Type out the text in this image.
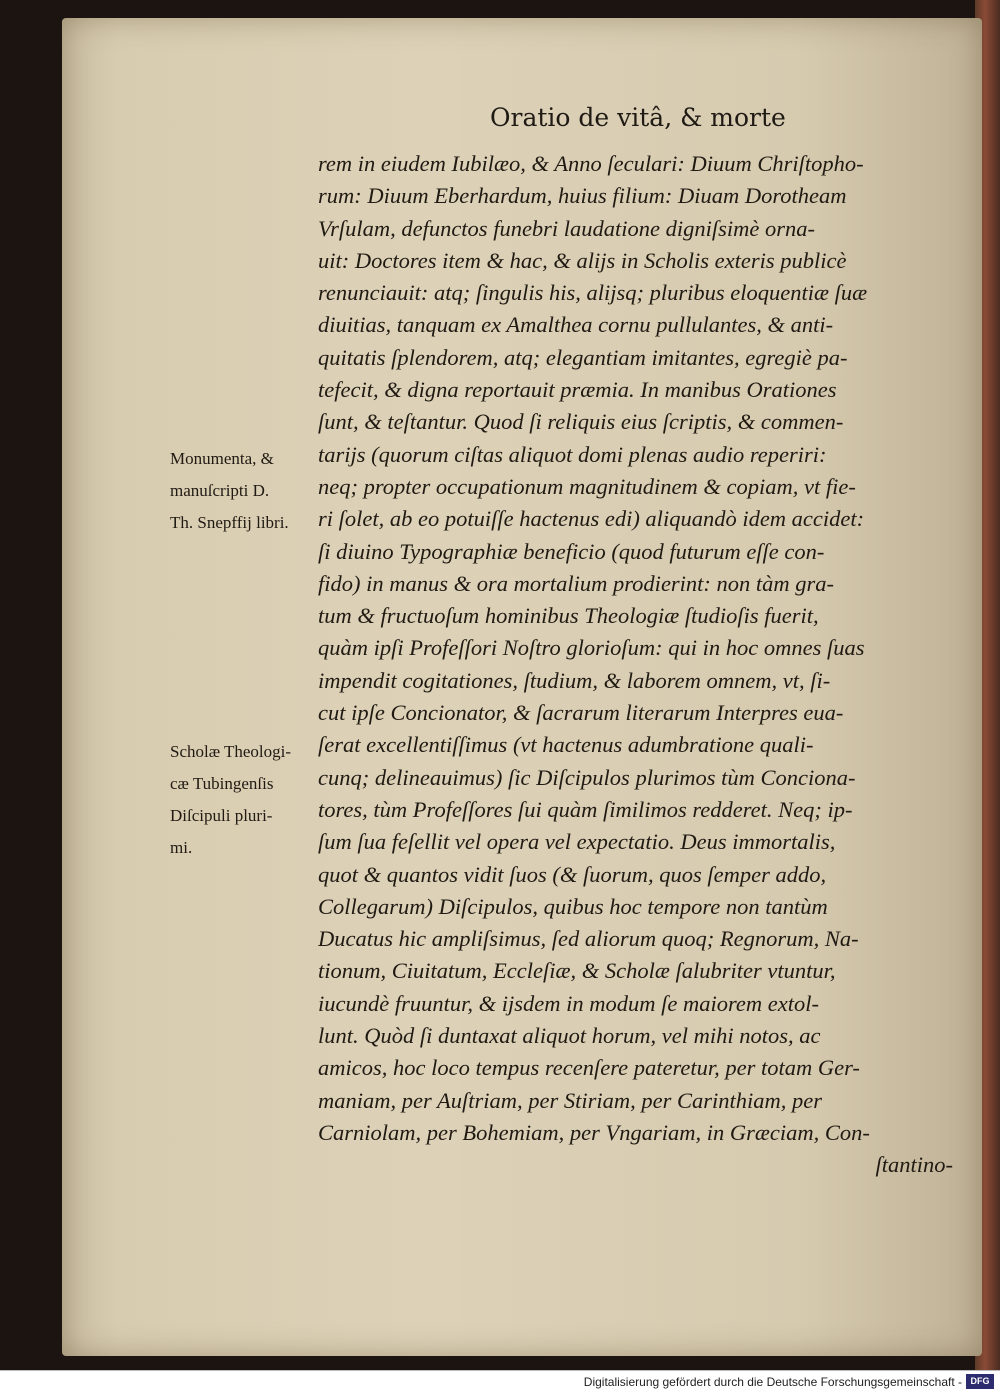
Oratio de vitâ, & morte
rem in eiudem Iubilæo, & Anno ſeculari: Diuum Chriſtopho-
rum: Diuum Eberhardum, huius filium: Diuam Dorotheam
Vrſulam, defunctos funebri laudatione digniſsimè orna-
uit: Doctores item & hac, & alijs in Scholis exteris publicè
renunciauit: atq; ſingulis his, alijsq; pluribus eloquentiæ ſuæ
diuitias, tanquam ex Amalthea cornu pullulantes, & anti-
quitatis ſplendorem, atq; elegantiam imitantes, egregiè pa-
tefecit, & digna reportauit præmia. In manibus Orationes
ſunt, & teſtantur. Quod ſi reliquis eius ſcriptis, & commen-
tarijs (quorum ciſtas aliquot domi plenas audio reperiri:
neq; propter occupationum magnitudinem & copiam, vt fie-
ri ſolet, ab eo potuiſſe hactenus edi) aliquandò idem accidet:
ſi diuino Typographiæ beneficio (quod futurum eſſe con-
fido) in manus & ora mortalium prodierint: non tàm gra-
tum & fructuoſum hominibus Theologiæ ſtudioſis fuerit,
quàm ipſi Profeſſori Noſtro glorioſum: qui in hoc omnes ſuas
impendit cogitationes, ſtudium, & laborem omnem, vt, ſi-
cut ipſe Concionator, & ſacrarum literarum Interpres eua-
ſerat excellentiſſimus (vt hactenus adumbratione quali-
cunq; delineauimus) ſic Diſcipulos plurimos tùm Conciona-
tores, tùm Profeſſores ſui quàm ſimilimos redderet. Neq; ip-
ſum ſua feſellit vel opera vel expectatio. Deus immortalis,
quot & quantos vidit ſuos (& ſuorum, quos ſemper addo,
Collegarum) Diſcipulos, quibus hoc tempore non tantùm
Ducatus hic ampliſsimus, ſed aliorum quoq; Regnorum, Na-
tionum, Ciuitatum, Eccleſiæ, & Scholæ ſalubriter vtuntur,
iucundè fruuntur, & ijsdem in modum ſe maiorem extol-
lunt. Quòd ſi duntaxat aliquot horum, vel mihi notos, ac
amicos, hoc loco tempus recenſere pateretur, per totam Ger-
maniam, per Auſtriam, per Stiriam, per Carinthiam, per
Carniolam, per Bohemiam, per Vngariam, in Græciam, Con-
ſtantino-
Monumenta, &
manuſcripti D.
Th. Snepffij libri.
Scholæ Theologi-
cæ Tubingenſis
Diſcipuli pluri-
mi.
Digitalisierung gefördert durch die Deutsche Forschungsgemeinschaft - DFG
